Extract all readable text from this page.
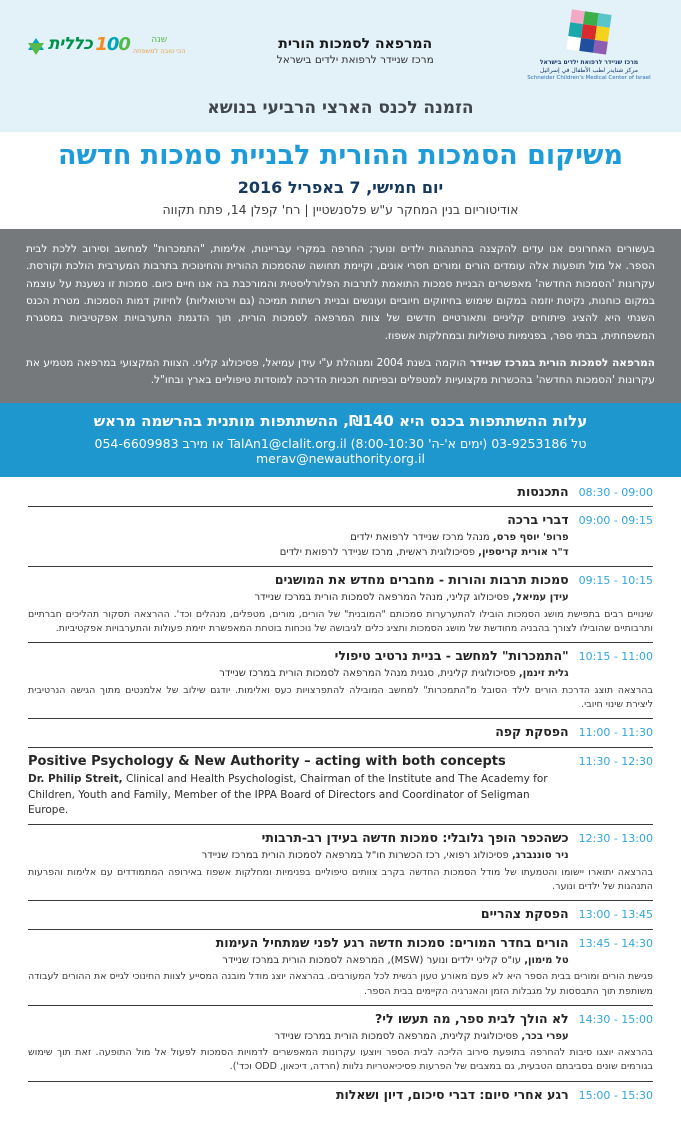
כללית 100 שנה
הכי טובה למשפחה	המרפאה לסמכות הורית
מרכז שניידר לרפואת ילדים בישראל	מרכז שניידר לרפואת ילדים בישראל
مركز شنايدر لطب الأطفال في إسرائيل
Schneider Children's Medical Center of Israel
הזמנה לכנס הארצי הרביעי בנושא
משיקום הסמכות ההורית לבניית סמכות חדשה
יום חמישי, 7 באפריל 2016
אודיטוריום בנין המחקר ע"ש פלסנשטיין | רח' קפלן 14, פתח תקווה

בעשורים האחרונים אנו עדים להקצנה בהתנהגות ילדים ונוער; החרפה במקרי עבריינות, אלימות, "התמכרות" למחשב וסירוב ללכת לבית הספר. אל מול תופעות אלה עומדים הורים ומורים חסרי אונים, וקיימת תחושה שהסמכות ההורית והחינוכית בתרבות המערבית הולכת וקורסת. עקרונות 'הסמכות החדשה' מאפשרים הבניית סמכות התואמת לתרבות הפלורליסטית והמורכבת בה אנו חיים כיום. סמכות זו נשענת על עוצמה במקום כוחנות, נקיטת יוזמה במקום שימוש בחיזוקים חיוביים ועונשים ובניית רשתות תמיכה (גם וירטואליות) לחיזוק דמות הסמכות. מטרת הכנס השנתי היא להציג פיתוחים קליניים ותאורטיים חדשים של צוות המרפאה לסמכות הורית, תוך הדגמת התערבויות אפקטיביות במסגרת המשפחתית, בבתי ספר, בפנימיות טיפוליות ובמחלקות אשפוז.

המרפאה לסמכות הורית במרכז שניידר הוקמה בשנת 2004 ומנוהלת ע"י עידן עמיאל, פסיכולוג קליני. הצוות המקצועי במרפאה מטמיע את עקרונות 'הסמכות החדשה' בהכשרות מקצועיות למטפלים ובפיתוח תכניות הדרכה למוסדות טיפוליים בארץ ובחו"ל.

עלות ההשתתפות בכנס היא 140‏₪, ההשתתפות מותנית בהרשמה מראש
טל 03-9253186 (ימים א'-ה' 8:00-10:30) TalAn1@clalit.org.il או מירב 054-6609983 merav@newauthority.org.il
08:30 - 09:00
התכנסות
09:00 - 09:15
דברי ברכה
פרופ' יוסף פרס, מנהל מרכז שניידר לרפואת ילדים
ד"ר אורית קריספין, פסיכולוגית ראשית, מרכז שניידר לרפואת ילדים
09:15 - 10:15
סמכות תרבות והורות - מחברים מחדש את המושגים
עידן עמיאל, פסיכולוג קליני, מנהל המרפאה לסמכות הורית במרכז שניידר
שינויים רבים בתפישת מושג הסמכות הובילו להתערערות סמכותם "המובנית" של הורים, מורים, מטפלים, מנהלים וכד'. ההרצאה תסקור תהליכים חברתיים ותרבותיים שהובילו לצורך בהבניה מחודשת של מושג הסמכות ותציג כלים לגיבושה של נוכחות בוטחת המאפשרת יזימת פעולות והתערבויות אפקטיביות.
10:15 - 11:00
"התמכרות" למחשב - בניית נרטיב טיפולי
גלית זינמן, פסיכולוגית קלינית, סגנית מנהל המרפאה לסמכות הורית במרכז שניידר
בהרצאה תוצג הדרכת הורים לילד הסובל מ"התמכרות" למחשב המובילה להתפרצויות כעס ואלימות. יודגם שילוב של אלמנטים מתוך הגישה הנרטיבית ליצירת שינוי חיובי.
11:00 - 11:30
הפסקת קפה
11:30 - 12:30
Positive Psychology & New Authority – acting with both concepts
Dr. Philip Streit, Clinical and Health Psychologist, Chairman of the Institute and The Academy for Children, Youth and Family, Member of the IPPA Board of Directors and Coordinator of Seligman Europe.
12:30 - 13:00
כשהכפר הופך גלובלי: סמכות חדשה בעידן רב-תרבותי
ניר סוננברג, פסיכולוג רפואי, רכז הכשרות חו"ל במרפאה לסמכות הורית במרכז שניידר
בהרצאה יתוארו יישומו והטמעתו של מודל הסמכות החדשה בקרב צוותים טיפוליים בפנימיות ומחלקות אשפוז באירופה המתמודדים עם אלימות והפרעות התנהגות של ילדים ונוער.
13:00 - 13:45
הפסקת צהריים
13:45 - 14:30
הורים בחדר המורים: סמכות חדשה רגע לפני שמתחיל העימות
טל מימון, עו"ס קליני ילדים ונוער (MSW), המרפאה לסמכות הורית במרכז שניידר
פגישת הורים ומורים בבית הספר היא לא פעם מאורע טעון רגשית לכל המעורבים. בהרצאה יוצג מודל מובנה המסייע לצוות החינוכי לגייס את ההורים לעבודה משותפת תוך התבססות על מגבלות הזמן והאנרגיה הקיימים בבית הספר.
14:30 - 15:00
לא הולך לבית ספר, מה תעשו לי?
עפרי בכר, פסיכולוגית קלינית, המרפאה לסמכות הורית במרכז שניידר
בהרצאה יוצגו סיבות להחרפה בתופעת סירוב הליכה לבית הספר ויוצעו עקרונות המאפשרים לדמויות הסמכות לפעול אל מול התופעה. זאת תוך שימוש בגורמים שונים בסביבתם הטבעית, גם במצבים של הפרעות פסיכיאטריות נלוות (חרדה, דיכאון, ODD וכד').
15:00 - 15:30
רגע אחרי סיום: דברי סיכום, דיון ושאלות
